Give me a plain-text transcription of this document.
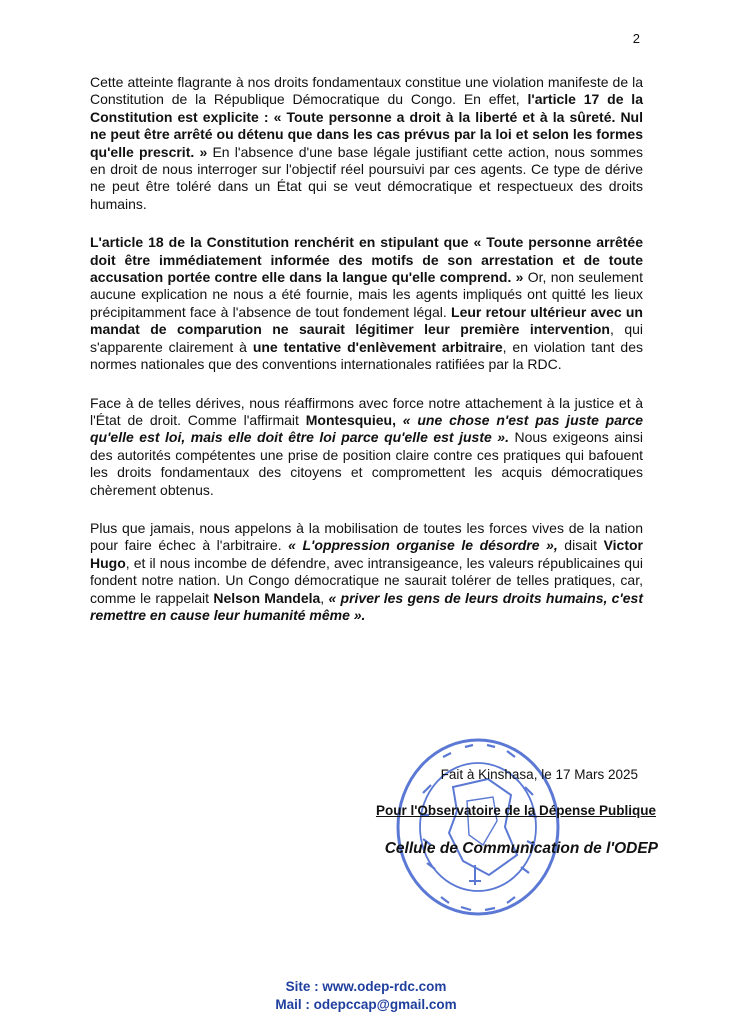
2

Cette atteinte flagrante à nos droits fondamentaux constitue une violation manifeste de la Constitution de la République Démocratique du Congo. En effet, l'article 17 de la Constitution est explicite : « Toute personne a droit à la liberté et à la sûreté. Nul ne peut être arrêté ou détenu que dans les cas prévus par la loi et selon les formes qu'elle prescrit. » En l'absence d'une base légale justifiant cette action, nous sommes en droit de nous interroger sur l'objectif réel poursuivi par ces agents. Ce type de dérive ne peut être toléré dans un État qui se veut démocratique et respectueux des droits humains.

L'article 18 de la Constitution renchérit en stipulant que « Toute personne arrêtée doit être immédiatement informée des motifs de son arrestation et de toute accusation portée contre elle dans la langue qu'elle comprend. » Or, non seulement aucune explication ne nous a été fournie, mais les agents impliqués ont quitté les lieux précipitamment face à l'absence de tout fondement légal. Leur retour ultérieur avec un mandat de comparution ne saurait légitimer leur première intervention, qui s'apparente clairement à une tentative d'enlèvement arbitraire, en violation tant des normes nationales que des conventions internationales ratifiées par la RDC.

Face à de telles dérives, nous réaffirmons avec force notre attachement à la justice et à l'État de droit. Comme l'affirmait Montesquieu, « une chose n'est pas juste parce qu'elle est loi, mais elle doit être loi parce qu'elle est juste ». Nous exigeons ainsi des autorités compétentes une prise de position claire contre ces pratiques qui bafouent les droits fondamentaux des citoyens et compromettent les acquis démocratiques chèrement obtenus.

Plus que jamais, nous appelons à la mobilisation de toutes les forces vives de la nation pour faire échec à l'arbitraire. « L'oppression organise le désordre », disait Victor Hugo, et il nous incombe de défendre, avec intransigeance, les valeurs républicaines qui fondent notre nation. Un Congo démocratique ne saurait tolérer de telles pratiques, car, comme le rappelait Nelson Mandela, « priver les gens de leurs droits humains, c'est remettre en cause leur humanité même ».

Fait à Kinshasa, le 17 Mars 2025
Pour l'Observatoire de la Dépense Publique
Cellule de Communication de l'ODEP
Site : www.odep-rdc.com
Mail : odepccap@gmail.com
